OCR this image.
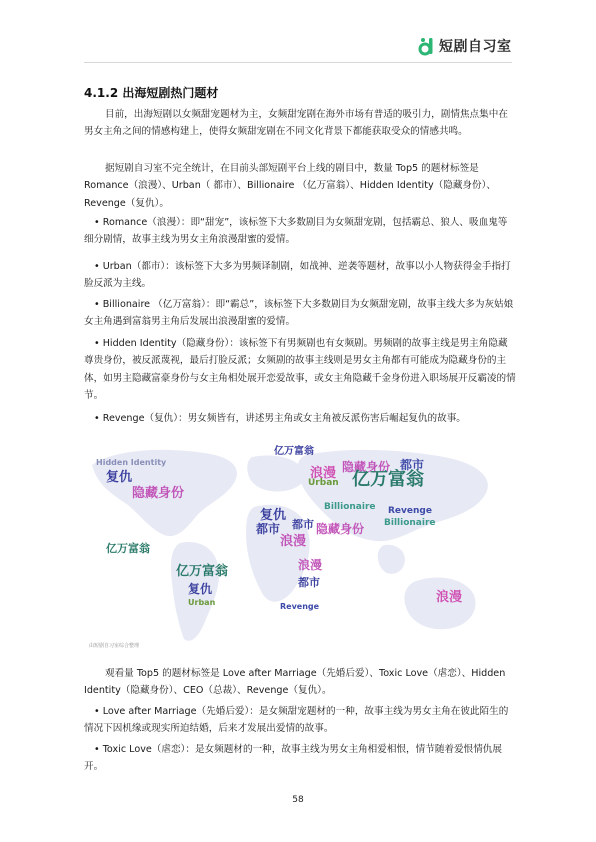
短剧自习室
4.1.2 出海短剧热门题材

目前，出海短剧以女频甜宠题材为主，女频甜宠剧在海外市场有普适的吸引力，剧情焦点集中在男女主角之间的情感构建上，使得女频甜宠剧在不同文化背景下都能获取受众的情感共鸣。

据短剧自习室不完全统计，在目前头部短剧平台上线的剧目中，数量 Top5 的题材标签是 Romance（浪漫）、Urban（ 都市）、Billionaire （亿万富翁）、Hidden Identity（隐藏身份）、Revenge（复仇）。

• Romance（浪漫）：即“甜宠”，该标签下大多数剧目为女频甜宠剧，包括霸总、狼人、吸血鬼等细分剧情，故事主线为男女主角浪漫甜蜜的爱情。

• Urban（都市）：该标签下大多为男频译制剧，如战神、逆袭等题材，故事以小人物获得金手指打脸反派为主线。

• Billionaire （亿万富翁）：即“霸总”，该标签下大多数剧目为女频甜宠剧，故事主线大多为灰姑娘女主角遇到富翁男主角后发展出浪漫甜蜜的爱情。

• Hidden Identity（隐藏身份）：该标签下有男频剧也有女频剧。男频剧的故事主线是男主角隐藏尊贵身份，被反派蔑视，最后打脸反派；女频剧的故事主线则是男女主角都有可能成为隐藏身份的主体，如男主隐藏富豪身份与女主角相处展开恋爱故事，或女主角隐藏千金身份进入职场展开反霸凌的情节。

• Revenge（复仇）：男女频皆有，讲述男主角或女主角被反派伤害后崛起复仇的故事。

亿万富翁
Hidden Identity
复仇
隐藏身份
浪漫
都市
Urban
隐藏身份
都市
亿万富翁
Billionaire Revenge
复仇
都市
浪漫
隐藏身份
亿万富翁
浪漫
都市
复仇
Urban	浪漫
Billionaire
Revenge
亿万富翁
由短剧自习室综合整理

观看量 Top5 的题材标签是 Love after Marriage（先婚后爱）、Toxic Love（虐恋）、Hidden Identity（隐藏身份）、CEO（总裁）、Revenge（复仇）。

• Love after Marriage（先婚后爱）：是女频甜宠题材的一种，故事主线为男女主角在彼此陌生的情况下因机缘或现实所迫结婚，后来才发展出爱情的故事。

• Toxic Love（虐恋）：是女频题材的一种，故事主线为男女主角相爱相恨，情节随着爱恨情仇展开。

58
